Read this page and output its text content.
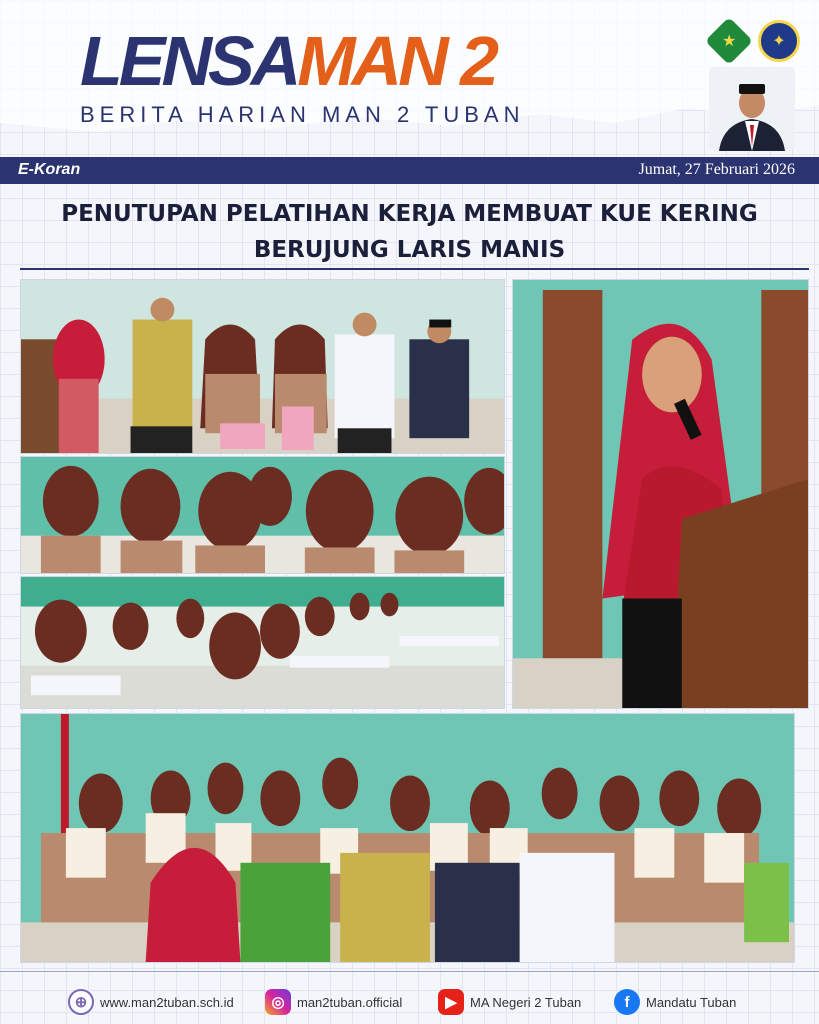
LENSA MAN 2
BERITA HARIAN MAN 2 TUBAN
★ ✦
E-Koran	Jumat, 27 Februari 2026
PENUTUPAN PELATIHAN KERJA MEMBUAT KUE KERING
BERUJUNG LARIS MANIS
⊕ www.man2tuban.sch.id	◎ man2tuban.official	▶	MA Negeri 2 Tuban	f	Mandatu Tuban
